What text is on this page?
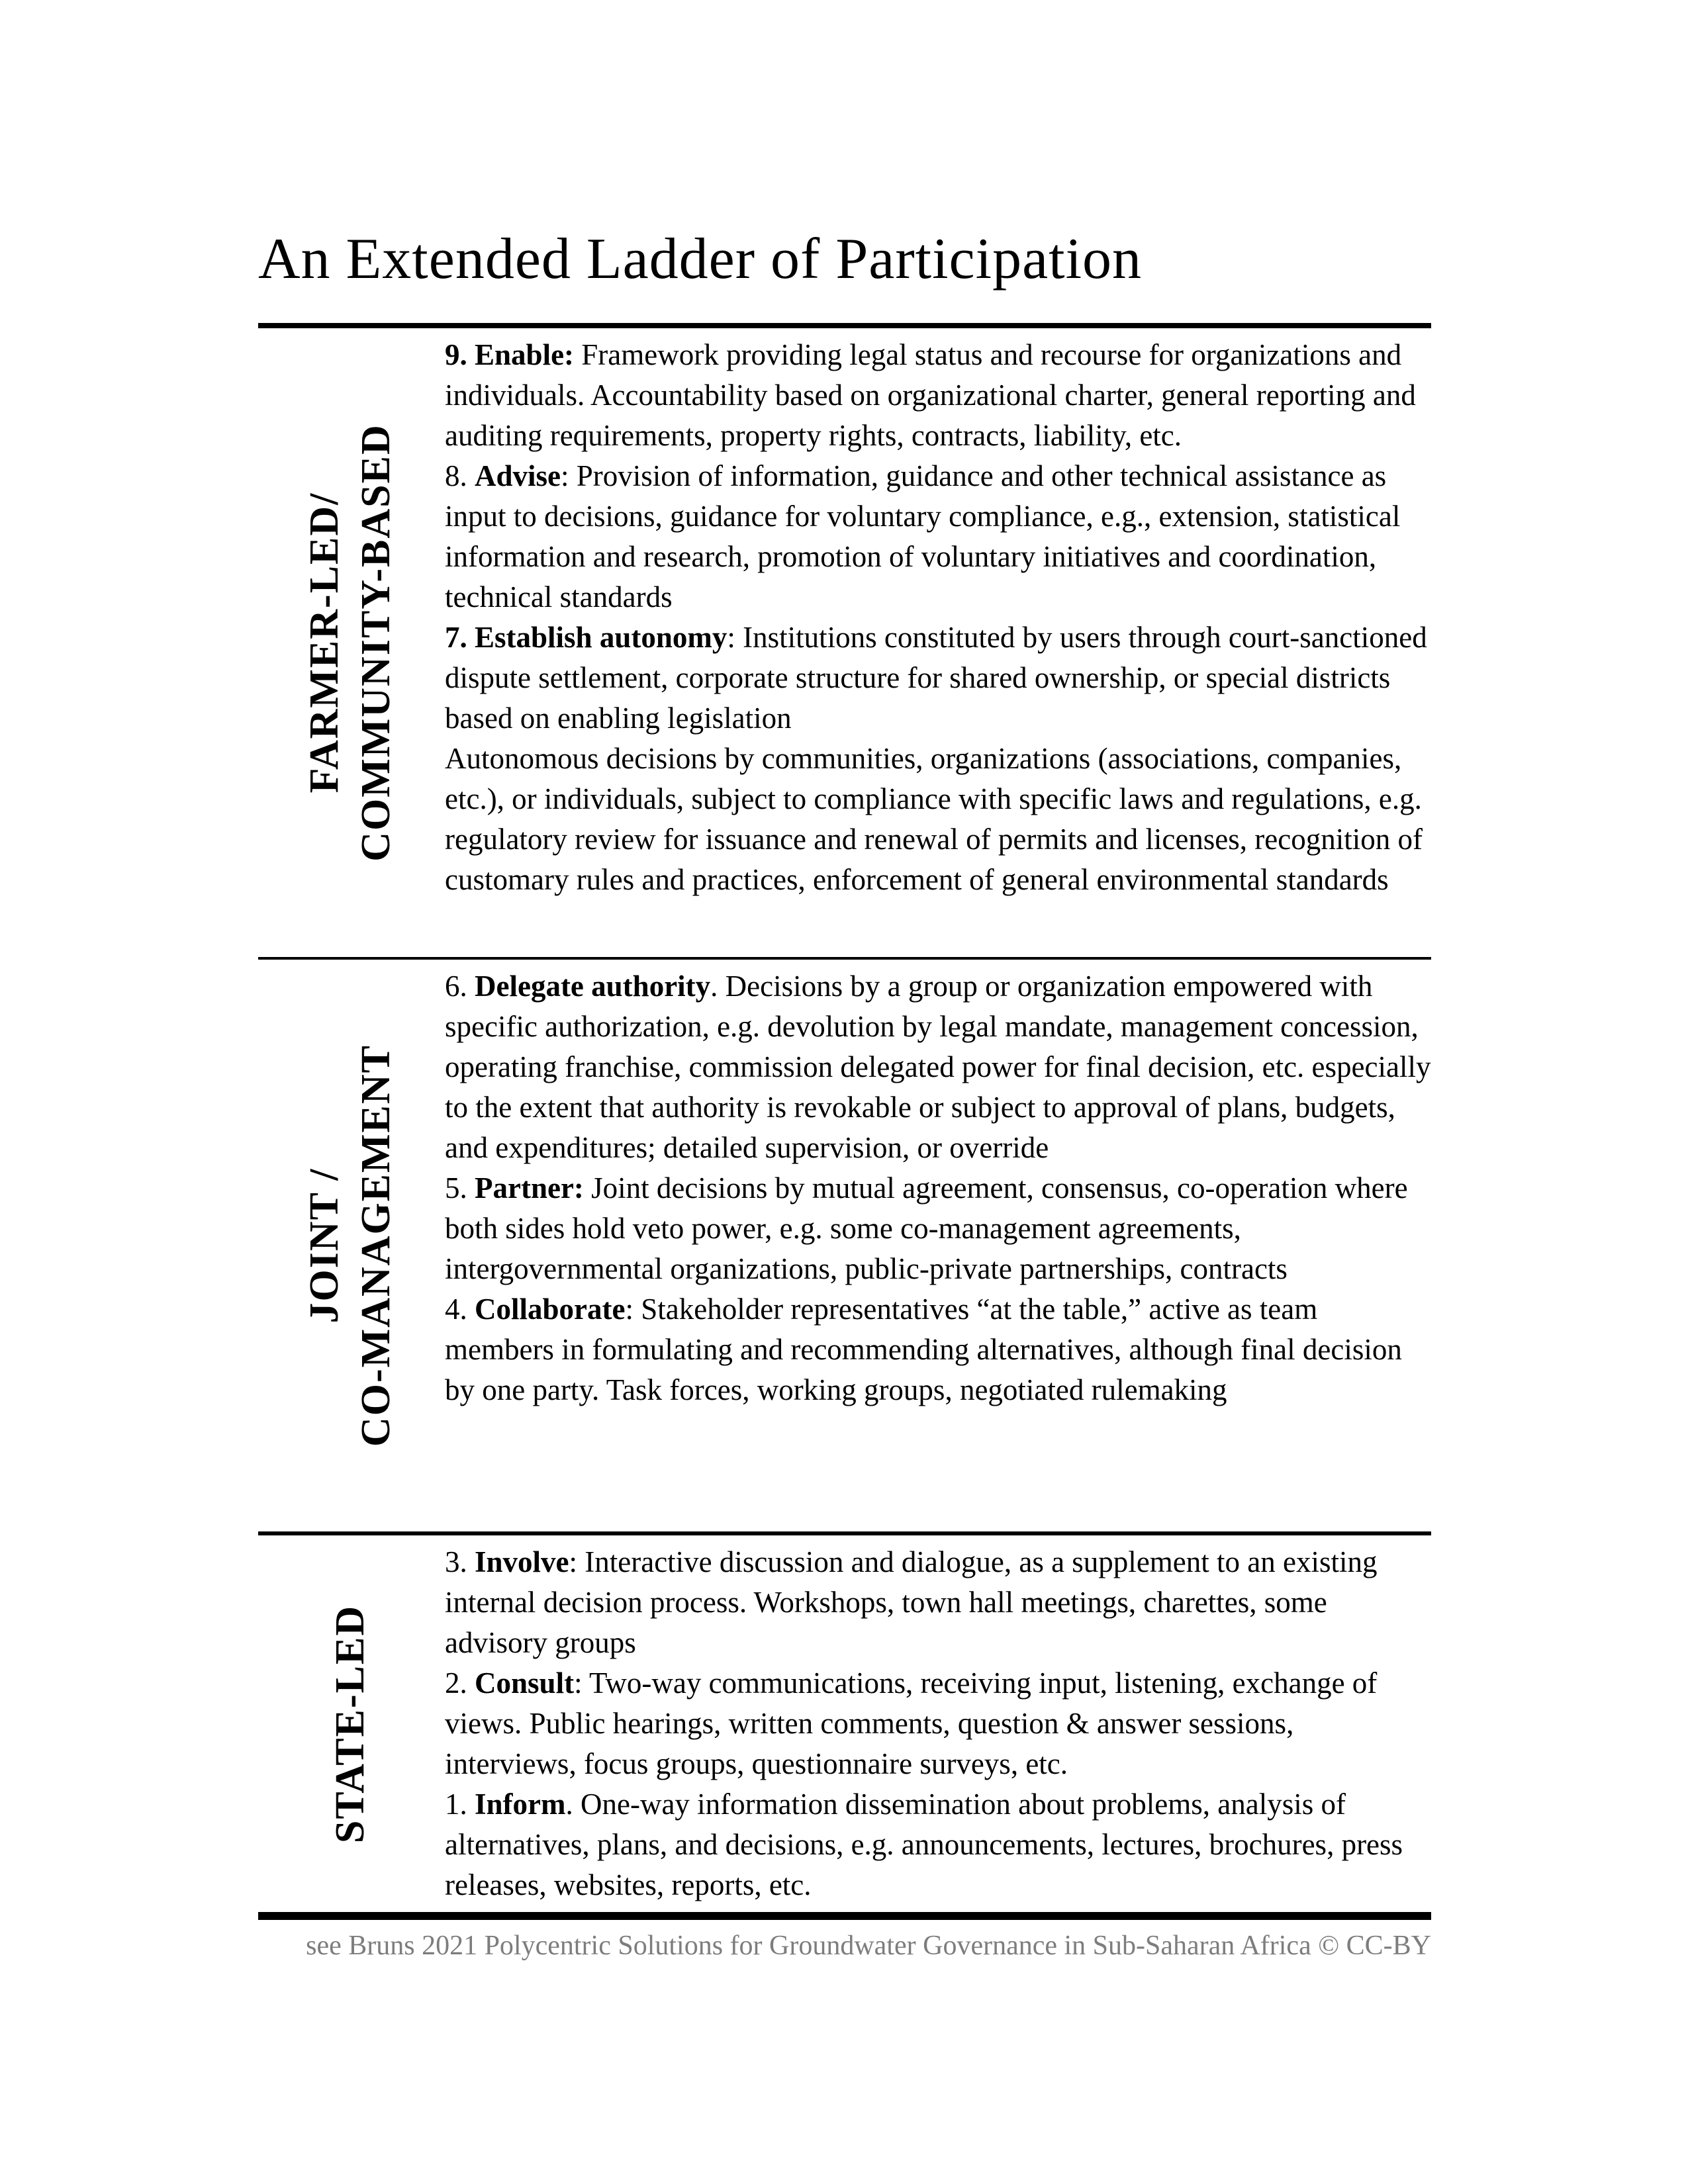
An Extended Ladder of Participation
FARMER-LED/ COMMUNITY-BASED

9. Enable: Framework providing legal status and recourse for organizations and individuals. Accountability based on organizational charter, general reporting and auditing requirements, property rights, contracts, liability, etc.

8. Advise: Provision of information, guidance and other technical assistance as input to decisions, guidance for voluntary compliance, e.g., extension, statistical information and research, promotion of voluntary initiatives and coordination, technical standards

7. Establish autonomy: Institutions constituted by users through court-sanctioned dispute settlement, corporate structure for shared ownership, or special districts based on enabling legislation
Autonomous decisions by communities, organizations (associations, companies, etc.), or individuals, subject to compliance with specific laws and regulations, e.g. regulatory review for issuance and renewal of permits and licenses, recognition of customary rules and practices, enforcement of general environmental standards

JOINT / CO-MANAGEMENT

6. Delegate authority. Decisions by a group or organization empowered with specific authorization, e.g. devolution by legal mandate, management concession, operating franchise, commission delegated power for final decision, etc. especially to the extent that authority is revokable or subject to approval of plans, budgets, and expenditures; detailed supervision, or override

5. Partner: Joint decisions by mutual agreement, consensus, co-operation where both sides hold veto power, e.g. some co-management agreements, intergovernmental organizations, public-private partnerships, contracts

4. Collaborate: Stakeholder representatives “at the table,” active as team members in formulating and recommending alternatives, although final decision by one party. Task forces, working groups, negotiated rulemaking

STATE-LED

3. Involve: Interactive discussion and dialogue, as a supplement to an existing internal decision process. Workshops, town hall meetings, charettes, some advisory groups

2. Consult: Two-way communications, receiving input, listening, exchange of views. Public hearings, written comments, question & answer sessions, interviews, focus groups, questionnaire surveys, etc.

1. Inform. One-way information dissemination about problems, analysis of alternatives, plans, and decisions, e.g. announcements, lectures, brochures, press releases, websites, reports, etc.

see Bruns 2021 Polycentric Solutions for Groundwater Governance in Sub-Saharan Africa © CC-BY
